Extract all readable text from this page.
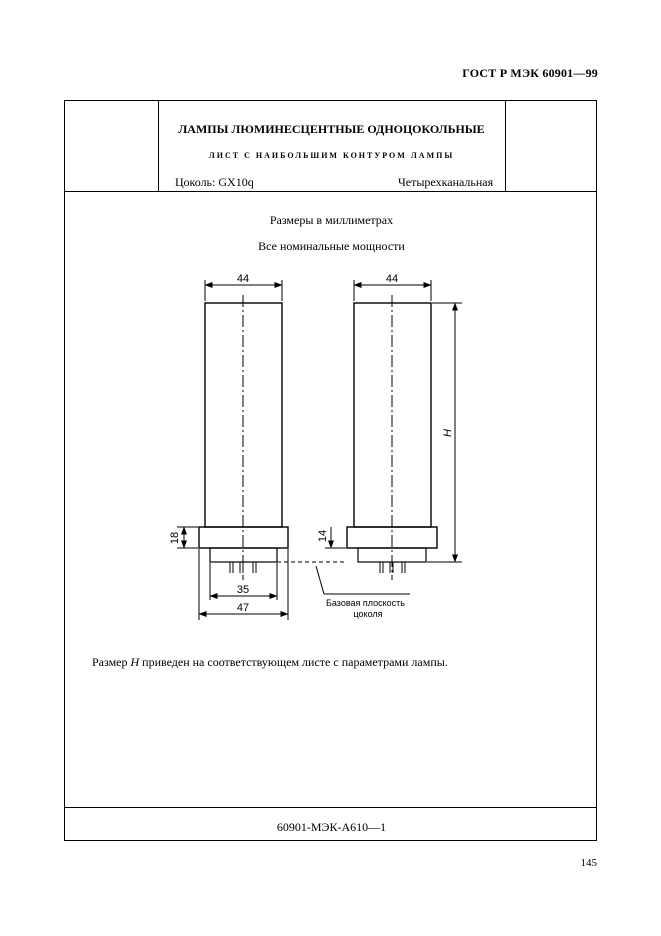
ГОСТ Р МЭК 60901—99
ЛАМПЫ ЛЮМИНЕСЦЕНТНЫЕ ОДНОЦОКОЛЬНЫЕ
ЛИСТ С НАИБОЛЬШИМ КОНТУРОМ ЛАМПЫ
Цоколь: GX10q	Четырехканальная
Размеры в миллиметрах
Все номинальные мощности
Размер H приведен на соответствующем листе с параметрами лампы.
60901-МЭК-А610—1
44	44
18	14
H
35
47	Базовая плоскость
цоколя
145
